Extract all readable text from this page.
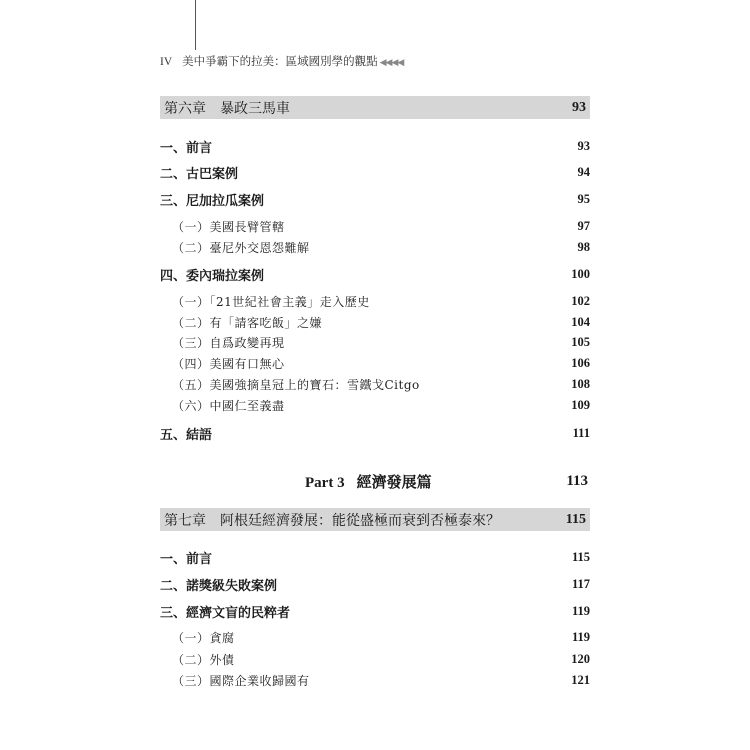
IV 美中爭霸下的拉美：區域國別學的觀點 ◀◀◀◀
第六章 暴政三馬車	93
一、前言	93
二、古巴案例	94
三、尼加拉瓜案例	95
（一）美國長臂管轄	97
（二）臺尼外交恩怨難解	98
四、委內瑞拉案例	100
（一）「21世紀社會主義」走入歷史	102
（二）有「請客吃飯」之嫌	104
（三）自爲政變再現	105
（四）美國有口無心	106
（五）美國強摘皇冠上的寶石：雪鐵戈Citgo	108
（六）中國仁至義盡	109
五、結語	111
Part 3 經濟發展篇	113
第七章 阿根廷經濟發展：能從盛極而衰到否極泰來？	115
一、前言	115
二、諾獎級失敗案例	117
三、經濟文盲的民粹者	119
（一）貪腐	119
（二）外債	120
（三）國際企業收歸國有	121
